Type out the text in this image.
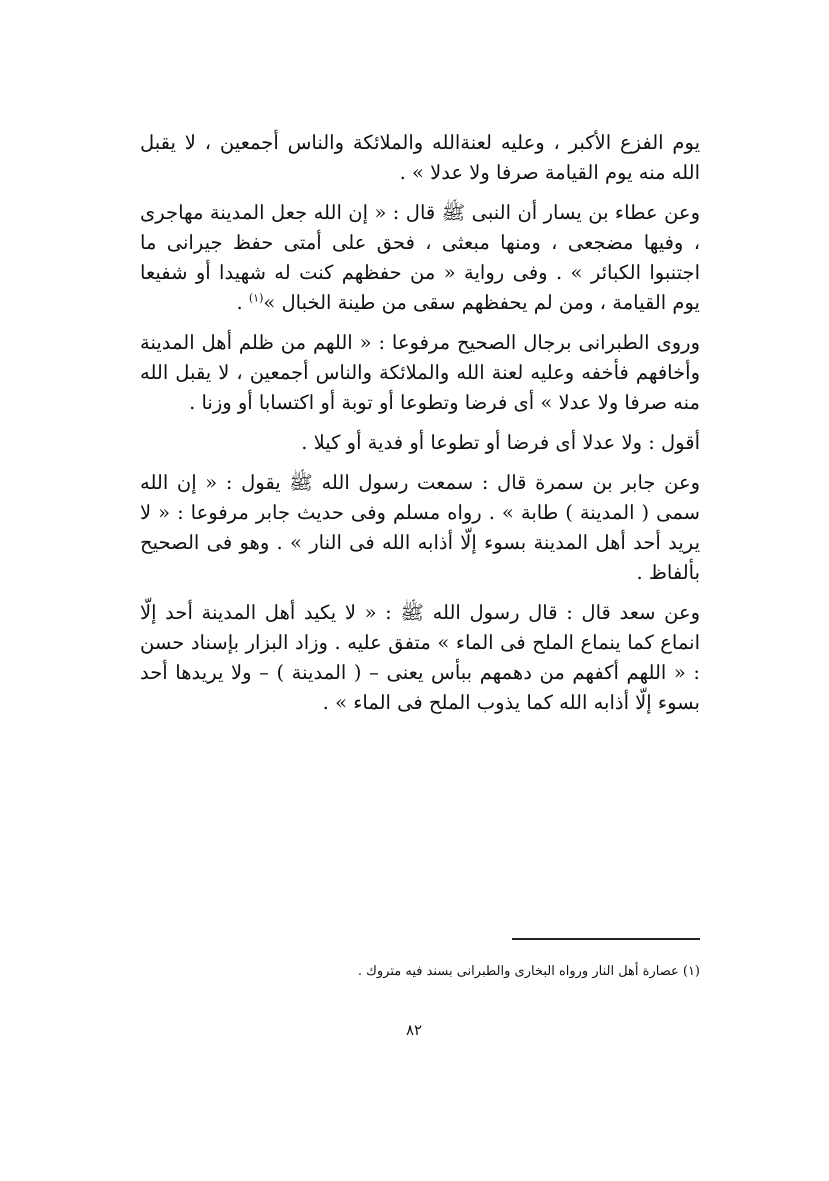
يوم الفزع الأكبر ، وعليه لعنةالله والملائكة والناس أجمعين ، لا يقبل الله منه يوم القيامة صرفا ولا عدلا » .

وعن عطاء بن يسار أن النبى ﷺ قال : « إن الله جعل المدينة مهاجرى ، وفيها مضجعى ، ومنها مبعثى ، فحق على أمتى حفظ جيرانى ما اجتنبوا الكبائر » . وفى رواية « من حفظهم كنت له شهيدا أو شفيعا يوم القيامة ، ومن لم يحفظهم سقى من طينة الخبال »$^{(١)}$ .

وروى الطبرانى برجال الصحيح مرفوعا : « اللهم من ظلم أهل المدينة وأخافهم فأخفه وعليه لعنة الله والملائكة والناس أجمعين ، لا يقبل الله منه صرفا ولا عدلا » أى فرضا وتطوعا أو توبة أو اكتسابا أو وزنا .

أقول : ولا عدلا أى فرضا أو تطوعا أو فدية أو كيلا .

وعن جابر بن سمرة قال : سمعت رسول الله ﷺ يقول : « إن الله سمى ( المدينة ) طابة » . رواه مسلم وفى حديث جابر مرفوعا : « لا يريد أحد أهل المدينة بسوء إلّا أذابه الله فى النار » . وهو فى الصحيح بألفاظ .

وعن سعد قال : قال رسول الله ﷺ : « لا يكيد أهل المدينة أحد إلّا انماع كما ينماع الملح فى الماء » متفق عليه . وزاد البزار بإسناد حسن : « اللهم أكفهم من دهمهم ببأس يعنى – ( المدينة ) – ولا يريدها أحد بسوء إلّا أذابه الله كما يذوب الملح فى الماء » .

(١) عصارة أهل النار ورواه البخارى والطبرانى بسند فيه متروك .
٨٢
